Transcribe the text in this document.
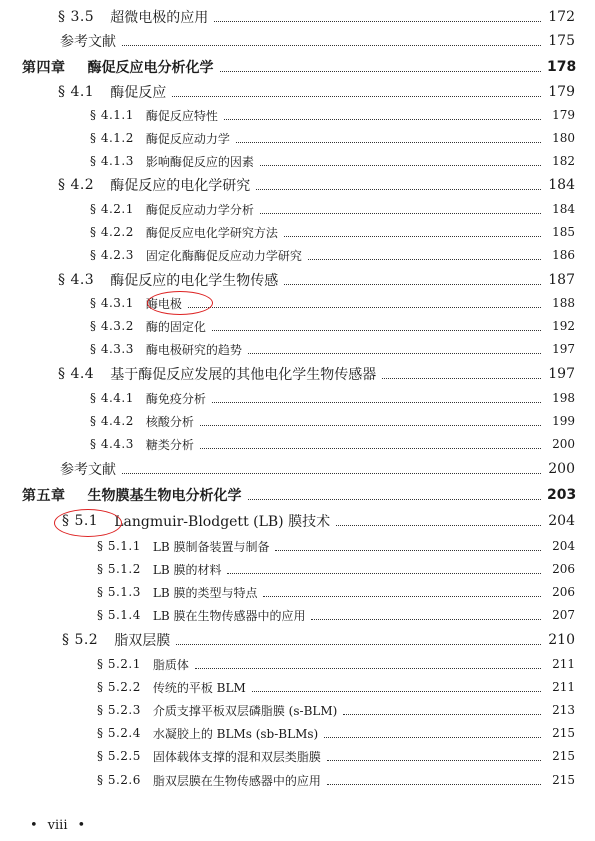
§ 3.5 超微电极的应用	172
参考文献	175
第四章 酶促反应电分析化学	178
§ 4.1 酶促反应	179
§ 4.1.1 酶促反应特性	179
§ 4.1.2 酶促反应动力学	180
§ 4.1.3 影响酶促反应的因素	182
§ 4.2 酶促反应的电化学研究	184
§ 4.2.1 酶促反应动力学分析	184
§ 4.2.2 酶促反应电化学研究方法	185
§ 4.2.3 固定化酶酶促反应动力学研究	186
§ 4.3 酶促反应的电化学生物传感	187
§ 4.3.1 酶电极	188
§ 4.3.2 酶的固定化	192
§ 4.3.3 酶电极研究的趋势	197
§ 4.4 基于酶促反应发展的其他电化学生物传感器	197
§ 4.4.1 酶免疫分析	198
§ 4.4.2 核酸分析	199
§ 4.4.3 糖类分析	200
参考文献	200
第五章 生物膜基生物电分析化学	203
§ 5.1 Langmuir-Blodgett (LB) 膜技术	204
§ 5.1.1 LB 膜制备装置与制备	204
§ 5.1.2 LB 膜的材料	206
§ 5.1.3 LB 膜的类型与特点	206
§ 5.1.4 LB 膜在生物传感器中的应用	207
§ 5.2 脂双层膜	210
§ 5.2.1 脂质体	211
§ 5.2.2 传统的平板 BLM	211
§ 5.2.3 介质支撑平板双层磷脂膜 (s-BLM)	213
§ 5.2.4 水凝胶上的 BLMs (sb-BLMs)	215
§ 5.2.5 固体载体支撑的混和双层类脂膜	215
§ 5.2.6 脂双层膜在生物传感器中的应用	215
• viii •
